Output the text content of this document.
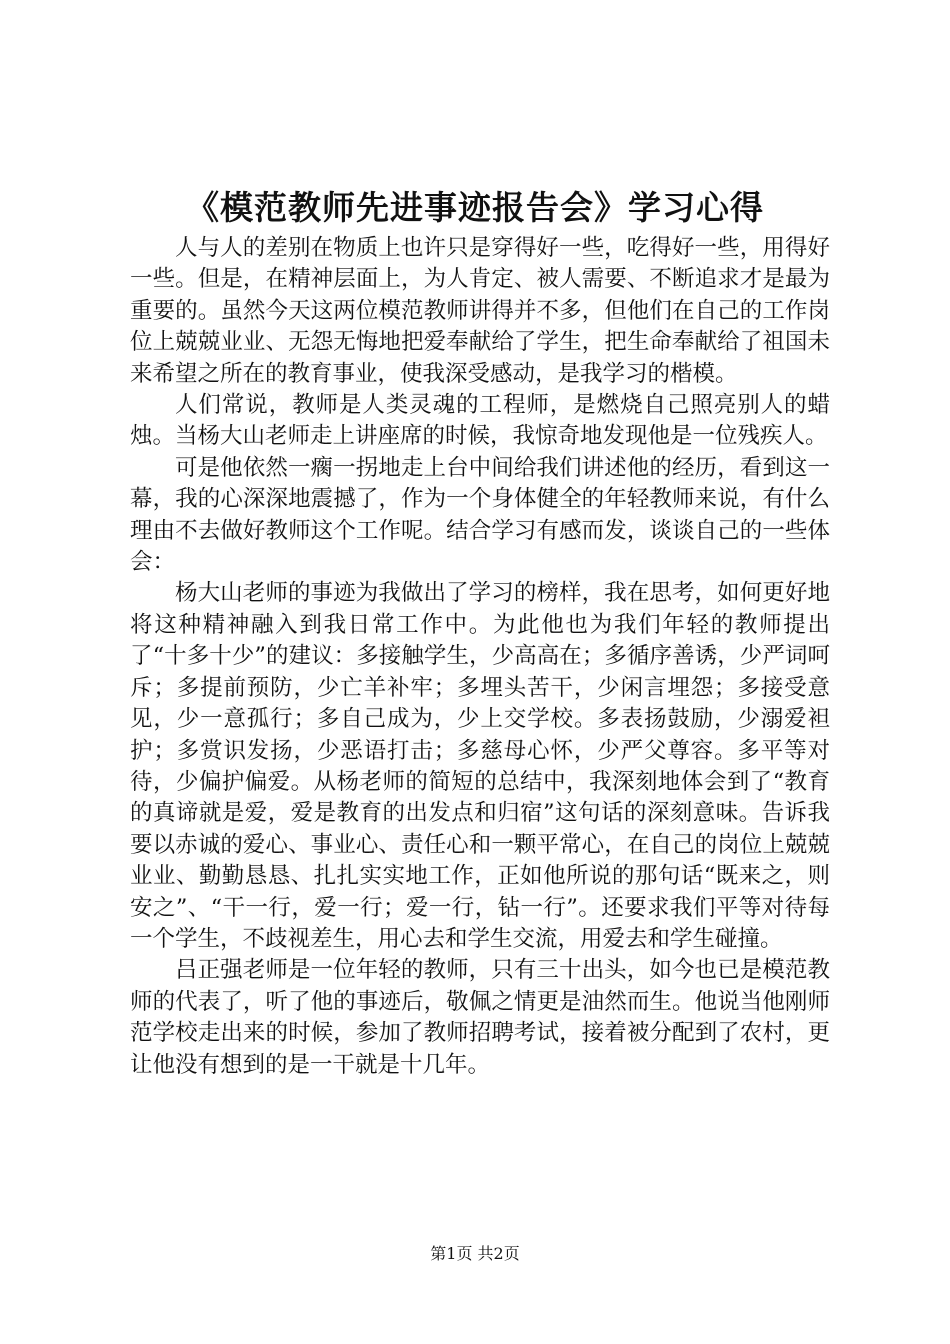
《模范教师先进事迹报告会》学习心得

人与人的差别在物质上也许只是穿得好一些，吃得好一些，用得好一些。但是，在精神层面上，为人肯定、被人需要、不断追求才是最为重要的。虽然今天这两位模范教师讲得并不多，但他们在自己的工作岗位上兢兢业业、无怨无悔地把爱奉献给了学生，把生命奉献给了祖国未来希望之所在的教育事业，使我深受感动，是我学习的楷模。

人们常说，教师是人类灵魂的工程师，是燃烧自己照亮别人的蜡烛。当杨大山老师走上讲座席的时候，我惊奇地发现他是一位残疾人。

可是他依然一瘸一拐地走上台中间给我们讲述他的经历，看到这一幕，我的心深深地震撼了，作为一个身体健全的年轻教师来说，有什么理由不去做好教师这个工作呢。结合学习有感而发，谈谈自己的一些体会：

杨大山老师的事迹为我做出了学习的榜样，我在思考，如何更好地将这种精神融入到我日常工作中。为此他也为我们年轻的教师提出了“十多十少”的建议：多接触学生，少高高在；多循序善诱，少严词呵斥；多提前预防，少亡羊补牢；多埋头苦干，少闲言埋怨；多接受意见，少一意孤行；多自己成为，少上交学校。多表扬鼓励，少溺爱袒护；多赏识发扬，少恶语打击；多慈母心怀，少严父尊容。多平等对待，少偏护偏爱。从杨老师的简短的总结中，我深刻地体会到了“教育的真谛就是爱，爱是教育的出发点和归宿”这句话的深刻意味。告诉我要以赤诚的爱心、事业心、责任心和一颗平常心，在自己的岗位上兢兢业业、勤勤恳恳、扎扎实实地工作，正如他所说的那句话“既来之，则安之”、“干一行，爱一行；爱一行，钻一行”。还要求我们平等对待每一个学生，不歧视差生，用心去和学生交流，用爱去和学生碰撞。

吕正强老师是一位年轻的教师，只有三十出头，如今也已是模范教师的代表了，听了他的事迹后，敬佩之情更是油然而生。他说当他刚师范学校走出来的时候，参加了教师招聘考试，接着被分配到了农村，更让他没有想到的是一干就是十几年。

第1页 共2页
